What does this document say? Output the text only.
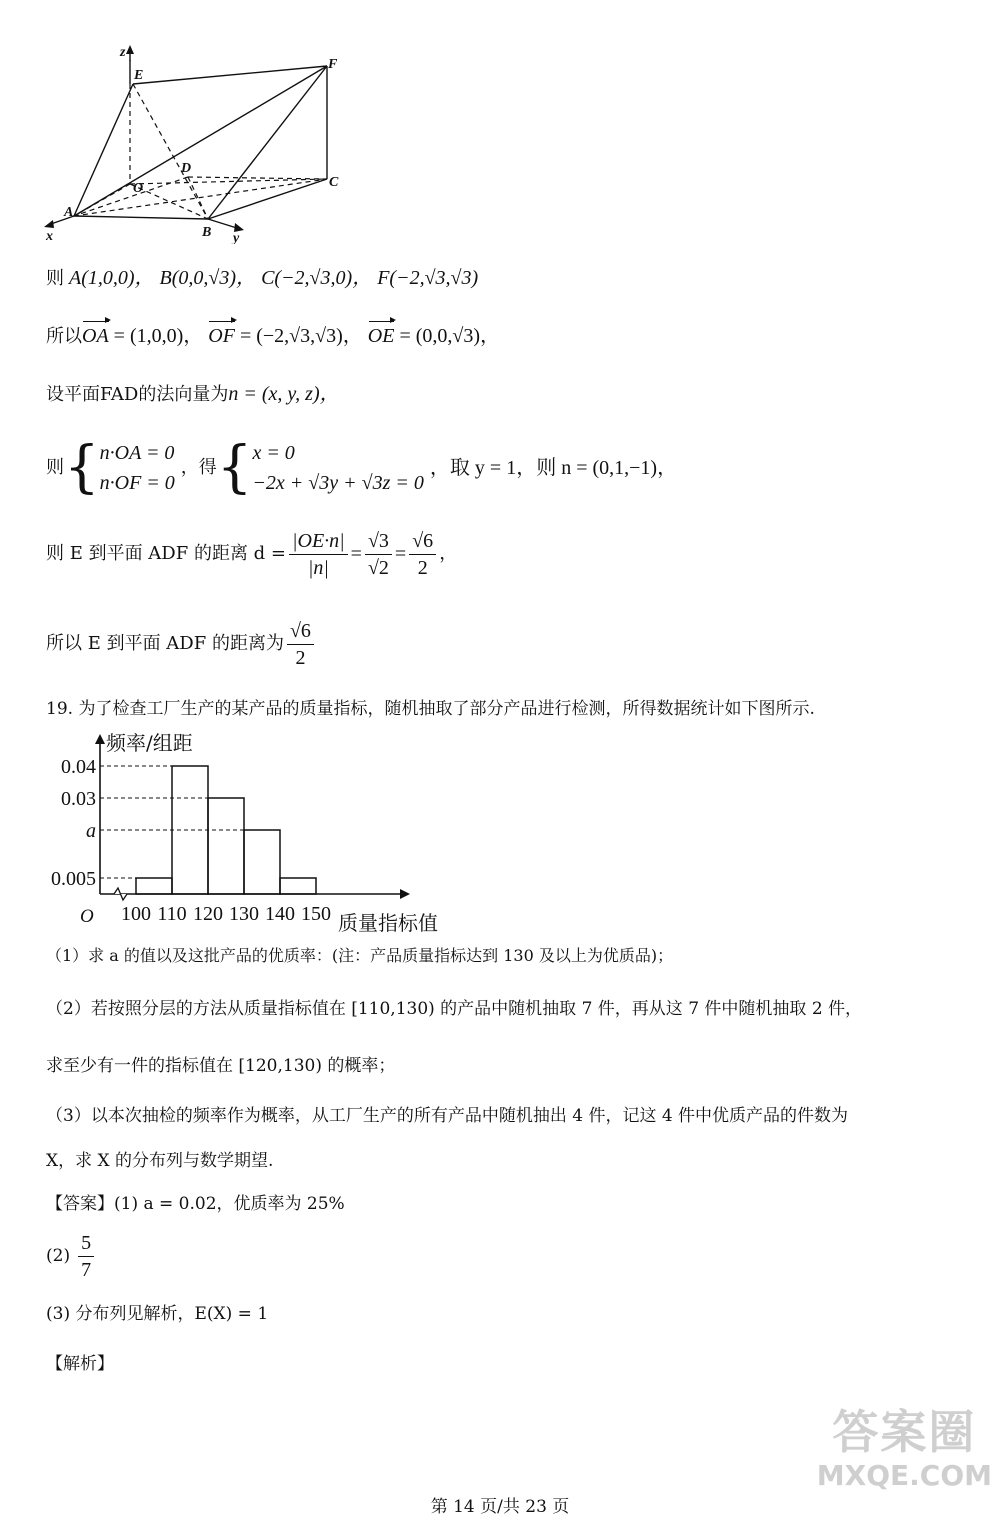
z
x	y
E
F
D
O
A
B
C
则 A(1,0,0)， B(0,0,√3)， C(−2,√3,0)， F(−2,√3,√3)
所以OA = (1,0,0)， OF = (−2,√3,√3)， OE = (0,0,√3)，
设平面FAD的法向量为n = (x, y, z)，
则 { n·OA = 0
n·OF = 0
，得 { x = 0
−2x + √3y + √3z = 0
，取 y = 1，则 n = (0,1,−1)，
则 E 到平面 ADF 的距离 $d = \frac{|OE\cdot n|}{|n|} = \frac{√3}{√2} = \frac{√6}{2}$ ，
所以 E 到平面 ADF 的距离为 $\frac{√6}{2}$
19. 为了检查工厂生产的某产品的质量指标，随机抽取了部分产品进行检测，所得数据统计如下图所示.
0.04
0.03
a
0.005
100 110 120 130 140 150
频率/组距
质量指标值
O
（1）求 a 的值以及这批产品的优质率：(注：产品质量指标达到 130 及以上为优质品)；
（2）若按照分层的方法从质量指标值在 [110,130) 的产品中随机抽取 7 件，再从这 7 件中随机抽取 2 件，
求至少有一件的指标值在 [120,130) 的概率；
（3）以本次抽检的频率作为概率，从工厂生产的所有产品中随机抽出 4 件，记这 4 件中优质产品的件数为
X，求 X 的分布列与数学期望.
【答案】(1) a = 0.02，优质率为 25%
$(2) \frac{5}{7}$
(3) 分布列见解析，E(X) = 1
【解析】
答案圈
MXQE.COM
第 14 页/共 23 页
